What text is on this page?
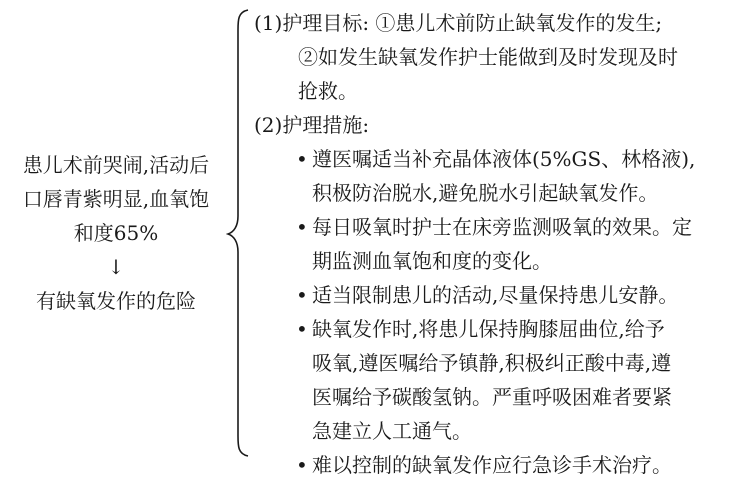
患儿术前哭闹,活动后
口唇青紫明显,血氧饱
和度65%
↓
有缺氧发作的危险
(1)护理目标: ①患儿术前防止缺氧发作的发生;
②如发生缺氧发作护士能做到及时发现及时
抢救。
(2)护理措施:
• 遵医嘱适当补充晶体液体(5%GS、林格液),
积极防治脱水,避免脱水引起缺氧发作。
• 每日吸氧时护士在床旁监测吸氧的效果。定
期监测血氧饱和度的变化。
• 适当限制患儿的活动,尽量保持患儿安静。
• 缺氧发作时,将患儿保持胸膝屈曲位,给予
吸氧,遵医嘱给予镇静,积极纠正酸中毒,遵
医嘱给予碳酸氢钠。严重呼吸困难者要紧
急建立人工通气。
• 难以控制的缺氧发作应行急诊手术治疗。
